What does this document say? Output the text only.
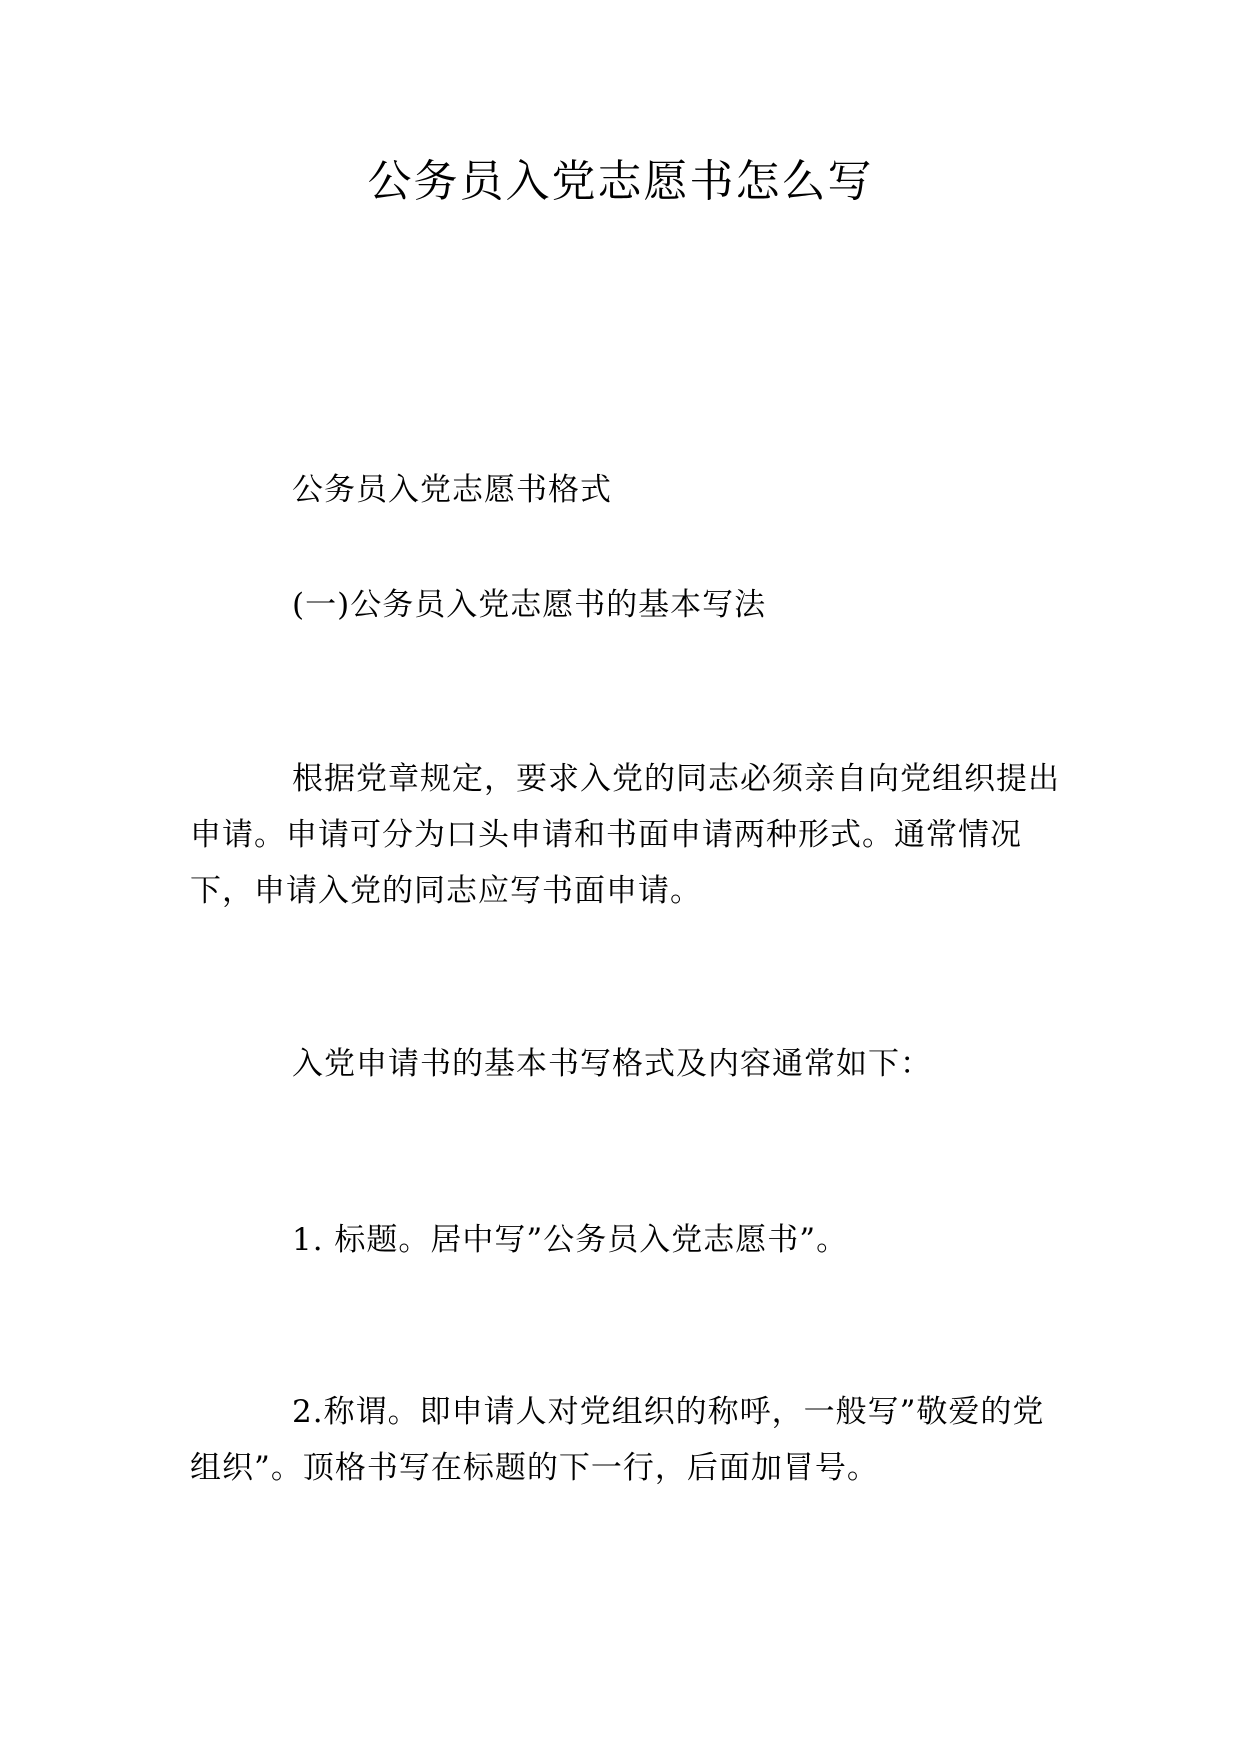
公务员入党志愿书怎么写

公务员入党志愿书格式

(一)公务员入党志愿书的基本写法

根据党章规定，要求入党的同志必须亲自向党组织提出申请。申请可分为口头申请和书面申请两种形式。通常情况下，申请入党的同志应写书面申请。

入党申请书的基本书写格式及内容通常如下：

1. 标题。居中写”公务员入党志愿书”。

2.称谓。即申请人对党组织的称呼，一般写”敬爱的党组织”。顶格书写在标题的下一行，后面加冒号。
